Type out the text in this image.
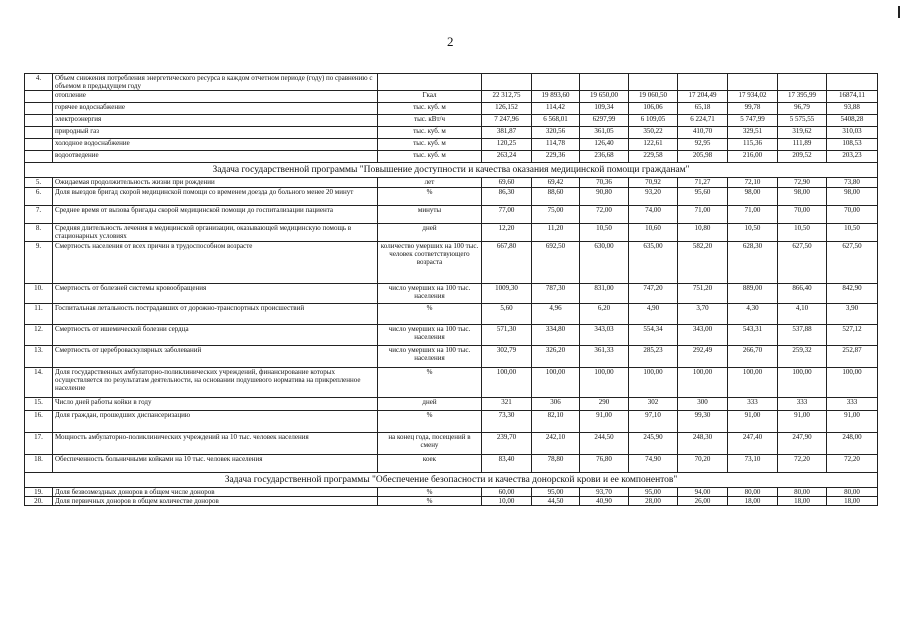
2
4.	Объем снижения потребления энергетического ресурса в каждом отчетном периоде (году) по сравнению с объемом в предыдущем году									
	отопление	Гкал	22 312,75	19 893,60	19 650,00	19 060,50	17 204,49	17 934,02	17 395,99	16874,11
	горячее водоснабжение	тыс. куб. м	126,152	114,42	109,34	106,06	65,18	99,78	96,79	93,88
	электроэнергия	тыс. кВт/ч	7 247,96	6 568,01	6297,99	6 109,05	6 224,71	5 747,99	5 575,55	5408,28
	природный газ	тыс. куб. м	381,87	320,56	361,05	350,22	410,70	329,51	319,62	310,03
	холодное водоснабжение	тыс. куб. м	120,25	114,78	126,40	122,61	92,95	115,36	111,89	108,53
	водоотведение	тыс. куб. м	263,24	229,36	236,68	229,58	205,98	216,00	209,52	203,23
Задача государственной программы "Повышение доступности и качества оказания медицинской помощи гражданам"										
5.	Ожидаемая продолжительность жизни при рождении	лет	69,60	69,42	70,36	70,92	71,27	72,10	72,90	73,80
6.	Доля выездов бригад скорой медицинской помощи со временем доезда до больного менее 20 минут	%	86,30	88,60	90,80	93,20	95,60	98,00	98,00	98,00
7.	Среднее время от вызова бригады скорой медицинской помощи до госпитализации пациента	минуты	77,00	75,00	72,00	74,00	71,00	71,00	70,00	70,00
8.	Средняя длительность лечения в медицинской организации, оказывающей медицинскую помощь в стационарных условиях	дней	12,20	11,20	10,50	10,60	10,80	10,50	10,50	10,50
9.	Смертность населения от всех причин в трудоспособном возрасте	количество умерших на 100 тыс. человек соответствующего возраста	667,80	692,50	630,00	635,00	582,20	628,30	627,50	627,50
10.	Смертность от болезней системы кровообращения	число умерших на 100 тыс. населения	1009,30	787,30	831,00	747,20	751,20	889,00	866,40	842,90
11.	Госпитальная летальность пострадавших от дорожно-транспортных происшествий	%	5,60	4,96	6,20	4,90	3,70	4,30	4,10	3,90
12.	Смертность от ишемической болезни сердца	число умерших на 100 тыс. населения	571,30	334,80	343,03	554,34	343,00	543,31	537,88	527,12
13.	Смертность от цереброваскулярных заболеваний	число умерших на 100 тыс. населения	302,79	326,20	361,33	285,23	292,49	266,70	259,32	252,87
14.	Доля государственных амбулаторно-поликлинических учреждений, финансирование которых осуществляется по результатам деятельности, на основании подушевого норматива на прикрепленное население	%	100,00	100,00	100,00	100,00	100,00	100,00	100,00	100,00
15.	Число дней работы койки в году	дней	321	306	290	302	300	333	333	333
16.	Доля граждан, прошедших диспансеризацию	%	73,30	82,10	91,00	97,10	99,30	91,00	91,00	91,00
17.	Мощность амбулаторно-поликлинических учреждений на 10 тыс. человек населения	на конец года, посещений в смену	239,70	242,10	244,50	245,90	248,30	247,40	247,90	248,00
18.	Обеспеченность больничными койками на 10 тыс. человек населения	коек	83,40	78,80	76,80	74,90	70,20	73,10	72,20	72,20
Задача государственной программы "Обеспечение безопасности и качества донорской крови и ее компонентов"										
19.	Доля безвозмездных доноров в общем числе доноров	%	60,00	95,00	93,70	95,00	94,00	80,00	80,00	80,00
20.	Доля первичных доноров в общем количестве доноров	%	10,00	44,50	40,90	28,00	26,00	18,00	18,00	18,00
